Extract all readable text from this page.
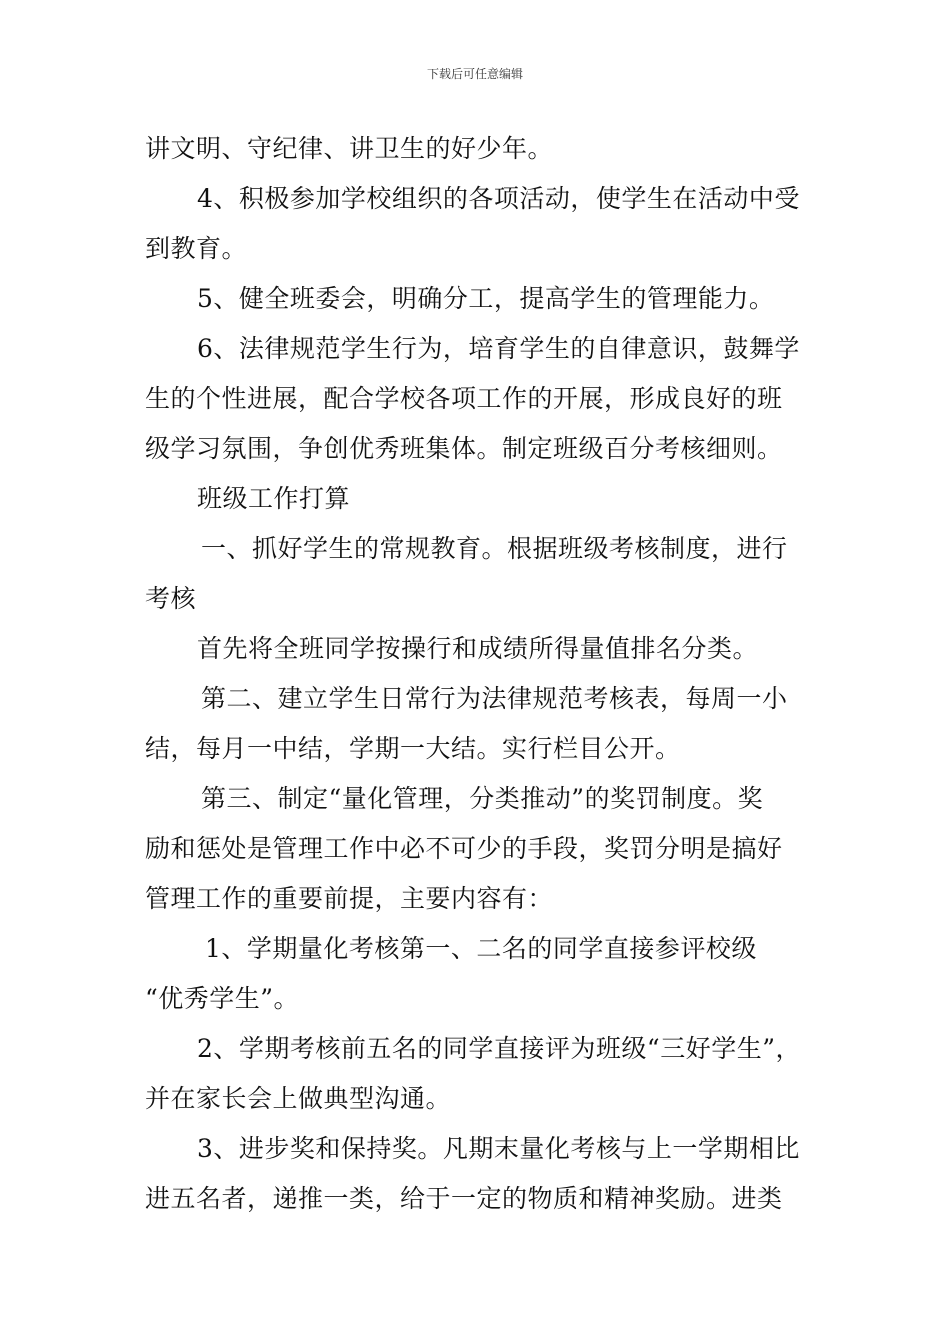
下载后可任意编辑
讲文明、守纪律、讲卫生的好少年。
4、积极参加学校组织的各项活动，使学生在活动中受
到教育。
5、健全班委会，明确分工，提高学生的管理能力。
6、法律规范学生行为，培育学生的自律意识，鼓舞学
生的个性进展，配合学校各项工作的开展，形成良好的班
级学习氛围，争创优秀班集体。制定班级百分考核细则。
班级工作打算
一、抓好学生的常规教育。根据班级考核制度，进行
考核
首先将全班同学按操行和成绩所得量值排名分类。
第二、建立学生日常行为法律规范考核表，每周一小
结，每月一中结，学期一大结。实行栏目公开。
第三、制定“量化管理，分类推动”的奖罚制度。奖
励和惩处是管理工作中必不可少的手段，奖罚分明是搞好
管理工作的重要前提，主要内容有：
1、学期量化考核第一、二名的同学直接参评校级
“优秀学生”。
2、学期考核前五名的同学直接评为班级“三好学生”，
并在家长会上做典型沟通。
3、进步奖和保持奖。凡期末量化考核与上一学期相比
进五名者，递推一类，给于一定的物质和精神奖励。进类
